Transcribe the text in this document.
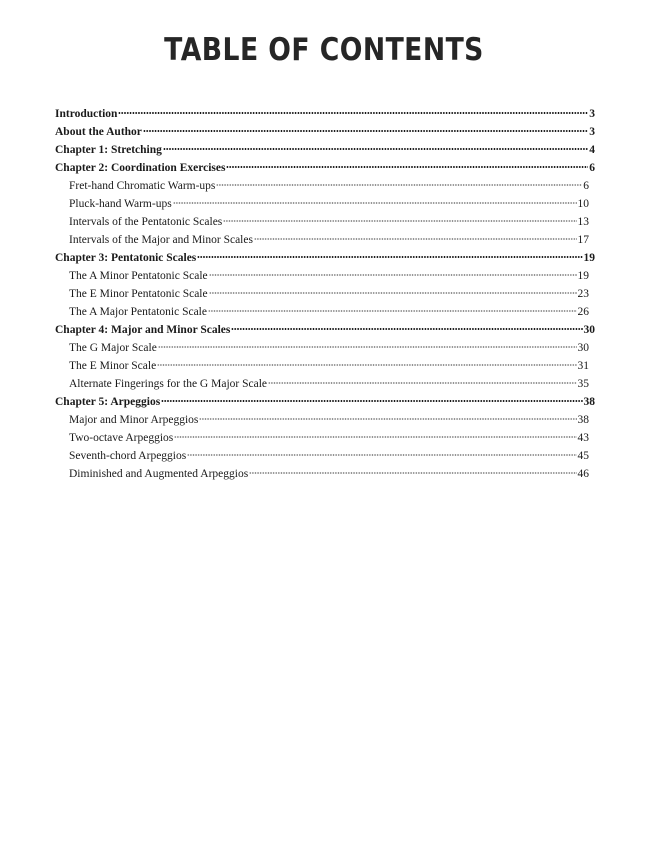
TABLE OF CONTENTS
Introduction	3
About the Author	3
Chapter 1: Stretching	4
Chapter 2: Coordination Exercises	6
Fret-hand Chromatic Warm-ups	6
Pluck-hand Warm-ups	10
Intervals of the Pentatonic Scales	13
Intervals of the Major and Minor Scales	17
Chapter 3: Pentatonic Scales	19
The A Minor Pentatonic Scale	19
The E Minor Pentatonic Scale	23
The A Major Pentatonic Scale	26
Chapter 4: Major and Minor Scales	30
The G Major Scale	30
The E Minor Scale	31
Alternate Fingerings for the G Major Scale	35
Chapter 5: Arpeggios	38
Major and Minor Arpeggios	38
Two-octave Arpeggios	43
Seventh-chord Arpeggios	45
Diminished and Augmented Arpeggios	46
